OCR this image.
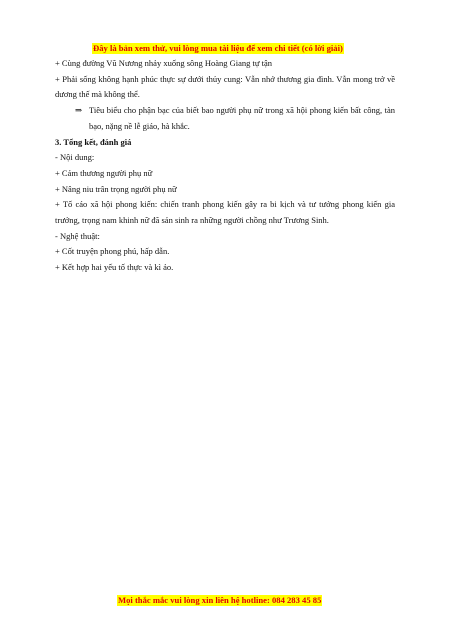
Đây là bản xem thử, vui lòng mua tài liệu để xem chi tiết (có lời giải)
+ Cùng đường Vũ Nương nhảy xuống sông Hoàng Giang tự tận
+ Phải sống không hạnh phúc thực sự dưới thủy cung: Vẫn nhớ thương gia đình. Vẫn mong trở về dương thế mà không thể.
⇒ Tiêu biểu cho phận bạc của biết bao người phụ nữ trong xã hội phong kiến bất công, tàn bạo, nặng nề lễ giáo, hà khắc.
3. Tổng kết, đánh giá
- Nội dung:
+ Cảm thương người phụ nữ
+ Nâng niu trân trọng người phụ nữ
+ Tố cáo xã hội phong kiến: chiến tranh phong kiến gây ra bi kịch và tư tưởng phong kiến gia trưởng, trọng nam khinh nữ đã sản sinh ra những người chồng như Trương Sinh.
- Nghệ thuật:
+ Cốt truyện phong phú, hấp dẫn.
+ Kết hợp hai yếu tố thực và kì ảo.
Mọi thắc mắc vui lòng xin liên hệ hotline: 084 283 45 85
